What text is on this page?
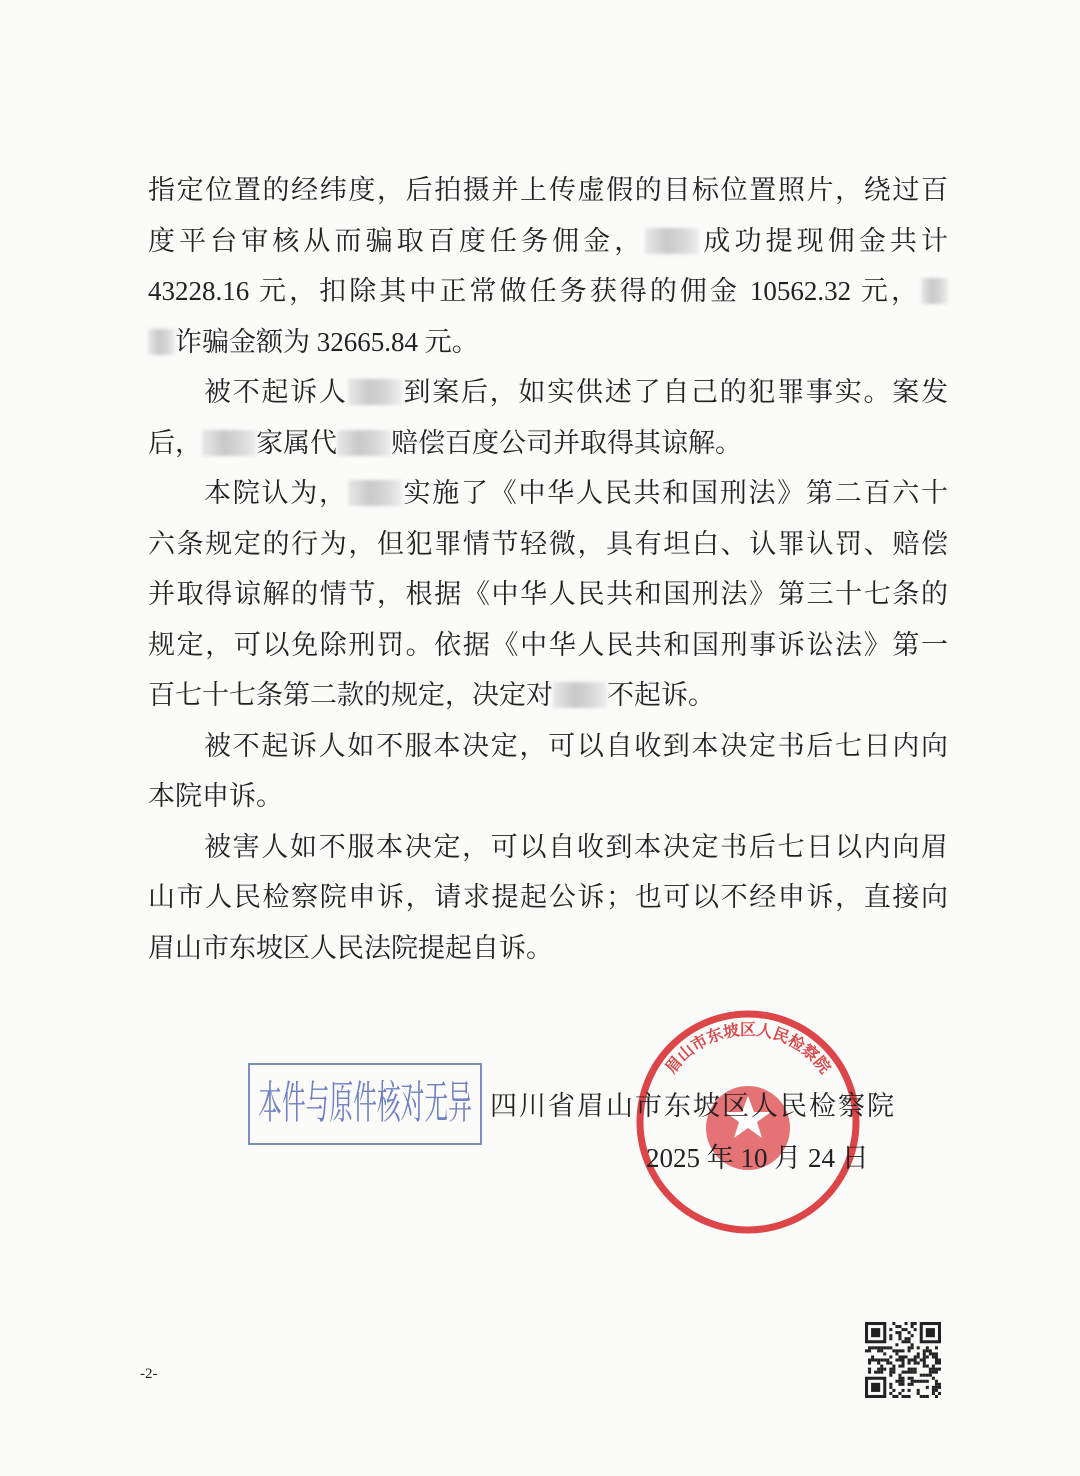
指定位置的经纬度，后拍摄并上传虚假的目标位置照片，绕过百
度平台审核从而骗取百度任务佣金， 成功提现佣金共计
43228.16 元，扣除其中正常做任务获得的佣金 10562.32 元，
诈骗金额为 32665.84 元。
被不起诉人 到案后，如实供述了自己的犯罪事实。案发
后， 家属代 赔偿百度公司并取得其谅解。
本院认为， 实施了《中华人民共和国刑法》第二百六十
六条规定的行为，但犯罪情节轻微，具有坦白、认罪认罚、赔偿
并取得谅解的情节，根据《中华人民共和国刑法》第三十七条的
规定，可以免除刑罚。依据《中华人民共和国刑事诉讼法》第一
百七十七条第二款的规定，决定对 不起诉。
被不起诉人如不服本决定，可以自收到本决定书后七日内向
本院申诉。
被害人如不服本决定，可以自收到本决定书后七日以内向眉
山市人民检察院申诉，请求提起公诉；也可以不经申诉，直接向
眉山市东坡区人民法院提起自诉。
本件与原件核对无异
眉山市东坡区人民检察院
四川省眉山市东坡区人民检察院
2025 年 10 月 24 日
-2-
